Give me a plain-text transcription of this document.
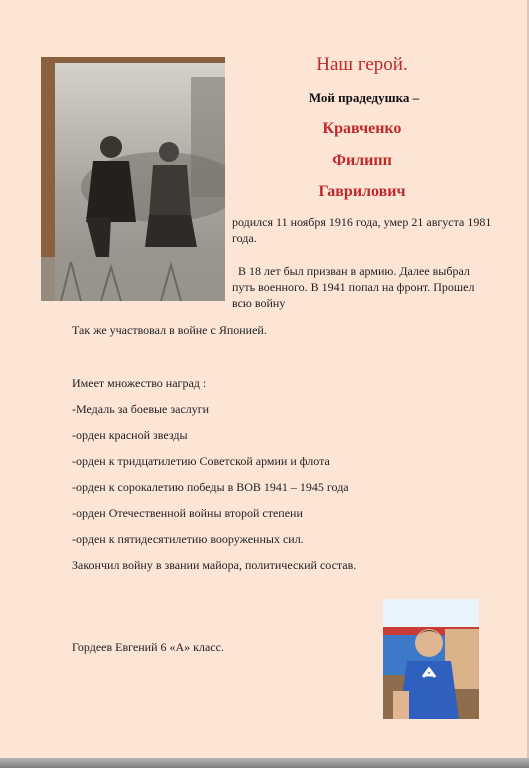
Наш герой.
Мой прадедушка –
Кравченко
Филипп
Гаврилович
родился 11 ноября 1916 года, умер 21 августа 1981 года.
В 18 лет был призван в армию. Далее выбрал путь военного. В 1941 попал на фронт. Прошел всю войну
Так же участвовал в войне с Японией.
Имеет множество наград :
-Медаль за боевые заслуги
-орден красной звезды
-орден к тридцатилетию Советской армии и флота
-орден к сорокалетию победы в ВОВ 1941 – 1945 года
-орден Отечественной войны второй степени
-орден к пятидесятилетию вооруженных сил.
Закончил войну в звании майора, политический состав.
Гордеев Евгений 6 «А» класс.
